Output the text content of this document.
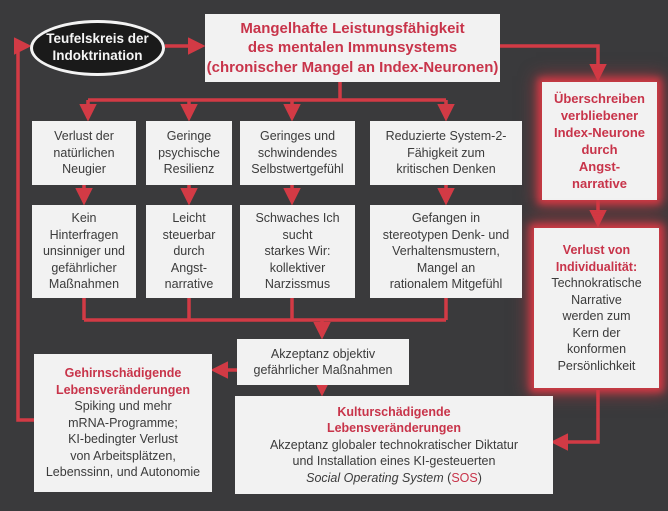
Teufelskreis der
Indoktrination
Mangelhafte Leistungsfähigkeit
des mentalen Immunsystems
(chronischer Mangel an Index-Neuronen)
Überschreiben
verbliebener
Index-Neurone
durch
Angst-
narrative
Verlust von
Individualität:
Technokratische
Narrative
werden zum
Kern der
konformen
Persönlichkeit
Verlust der
natürlichen
Neugier
Geringe
psychische
Resilienz
Geringes und
schwindendes
Selbstwertgefühl
Reduzierte System-2-
Fähigkeit zum
kritischen Denken
Kein
Hinterfragen
unsinniger und
gefährlicher
Maßnahmen
Leicht
steuerbar
durch
Angst-
narrative
Schwaches Ich
sucht
starkes Wir:
kollektiver
Narzissmus
Gefangen in
stereotypen Denk- und
Verhaltensmustern,
Mangel an
rationalem Mitgefühl
Akzeptanz objektiv
gefährlicher Maßnahmen
Gehirnschädigende
Lebensveränderungen
Spiking und mehr
mRNA-Programme;
KI-bedingter Verlust
von Arbeitsplätzen,
Lebenssinn, und Autonomie
Kulturschädigende
Lebensveränderungen
Akzeptanz globaler technokratischer Diktatur
und Installation eines KI-gesteuerten
Social Operating System (SOS)
